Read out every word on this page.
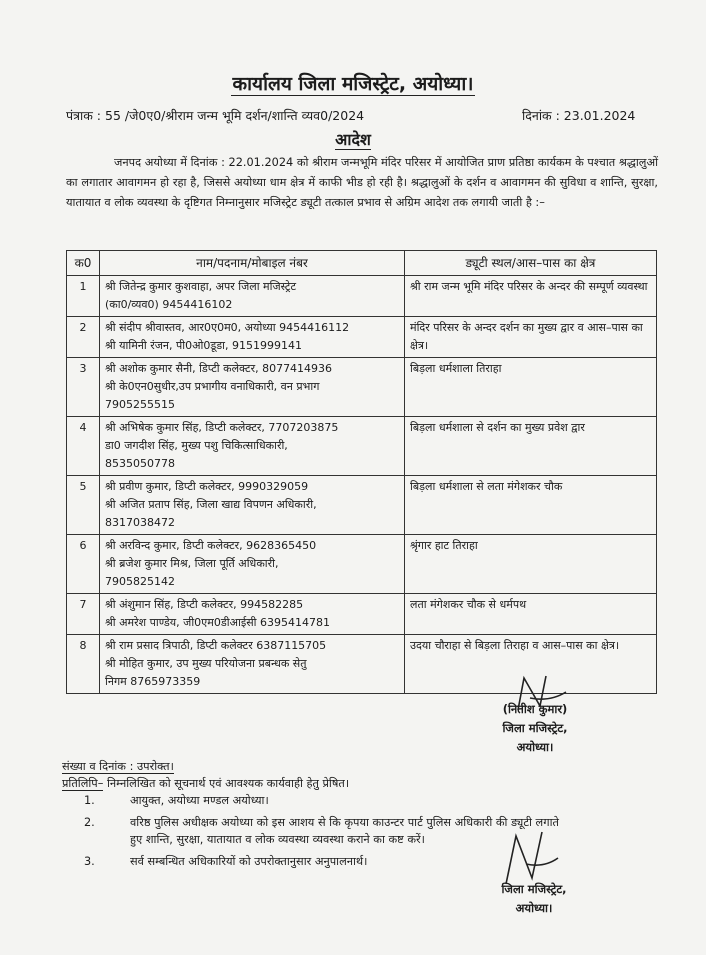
कार्यालय जिला मजिस्ट्रेट, अयोध्या।
पंत्राक : 55 /जे0ए0/श्रीराम जन्म भूमि दर्शन/शान्ति व्यव0/2024	दिनांक : 23.01.2024
आदेश
जनपद अयोध्या में दिनांक : 22.01.2024 को श्रीराम जन्मभूमि मंदिर परिसर में आयोजित प्राण प्रतिष्ठा कार्यकम के पश्चात श्रद्धालुओं का लगातार आवागमन हो रहा है, जिससे अयोध्या धाम क्षेत्र में काफी भीड हो रही है। श्रद्धालुओं के दर्शन व आवागमन की सुविधा व शान्ति, सुरक्षा, यातायात व लोक व्यवस्था के दृष्टिगत निम्नानुसार मजिस्ट्रेट ड्यूटी तत्काल प्रभाव से अग्रिम आदेश तक लगायी जाती है :–
क0	नाम/पदनाम/मोबाइल नंबर	ड्यूटी स्थल/आस–पास का क्षेत्र
1	श्री जितेन्द्र कुमार कुशवाहा, अपर जिला मजिस्ट्रेट
(का0/व्यव0) 9454416102	श्री राम जन्म भूमि मंदिर परिसर के अन्दर की सम्पूर्ण व्यवस्था

2	श्री संदीप श्रीवास्तव, आर0ए0म0, अयोध्या 9454416112
श्री यामिनी रंजन, पी0ओ0डूडा, 9151999141	मंदिर परिसर के अन्दर दर्शन का मुख्य द्वार व आस–पास का क्षेत्र।

3	श्री अशोक कुमार सैनी, डिप्टी कलेक्टर, 8077414936
श्री के0एन0सुधीर,उप प्रभागीय वनाधिकारी, वन प्रभाग
7905255515	बिड़ला धर्मशाला तिराहा

4	श्री अभिषेक कुमार सिंह, डिप्टी कलेक्टर, 7707203875
डा0 जगदीश सिंह, मुख्य पशु चिकित्साधिकारी,
8535050778	बिड़ला धर्मशाला से दर्शन का मुख्य प्रवेश द्वार

5	श्री प्रवीण कुमार, डिप्टी कलेक्टर, 9990329059
श्री अजित प्रताप सिंह, जिला खाद्य विपणन अधिकारी,
8317038472	बिड़ला धर्मशाला से लता मंगेशकर चौक

6	श्री अरविन्द कुमार, डिप्टी कलेक्टर, 9628365450
श्री ब्रजेश कुमार मिश्र, जिला पूर्ति अधिकारी,
7905825142	श्रृंगार हाट तिराहा

7	श्री अंशुमान सिंह, डिप्टी कलेक्टर, 994582285
श्री अमरेश पाण्डेय, जी0एम0डीआईसी 6395414781	लता मंगेशकर चौक से धर्मपथ

8	श्री राम प्रसाद त्रिपाठी, डिप्टी कलेक्टर 6387115705
श्री मोहित कुमार, उप मुख्य परियोजना प्रबन्धक सेतु
निगम 8765973359	उदया चौराहा से बिड़ला तिराहा व आस–पास का क्षेत्र।
(नितीश कुमार)
जिला मजिस्ट्रेट,
अयोध्या।
संख्या व दिनांक : उपरोक्त।
प्रतिलिपि– निम्नलिखित को सूचनार्थ एवं आवश्यक कार्यवाही हेतु प्रेषित।
1.	आयुक्त, अयोध्या मण्डल अयोध्या।
2.	वरिष्ठ पुलिस अधीक्षक अयोध्या को इस आशय से कि कृपया काउन्टर पार्ट पुलिस अधिकारी की ड्यूटी लगाते हुए शान्ति, सुरक्षा, यातायात व लोक व्यवस्था व्यवस्था कराने का कष्ट करें।
3.	सर्व सम्बन्धित अधिकारियों को उपरोक्तानुसार अनुपालनार्थ।
जिला मजिस्ट्रेट,
अयोध्या।
